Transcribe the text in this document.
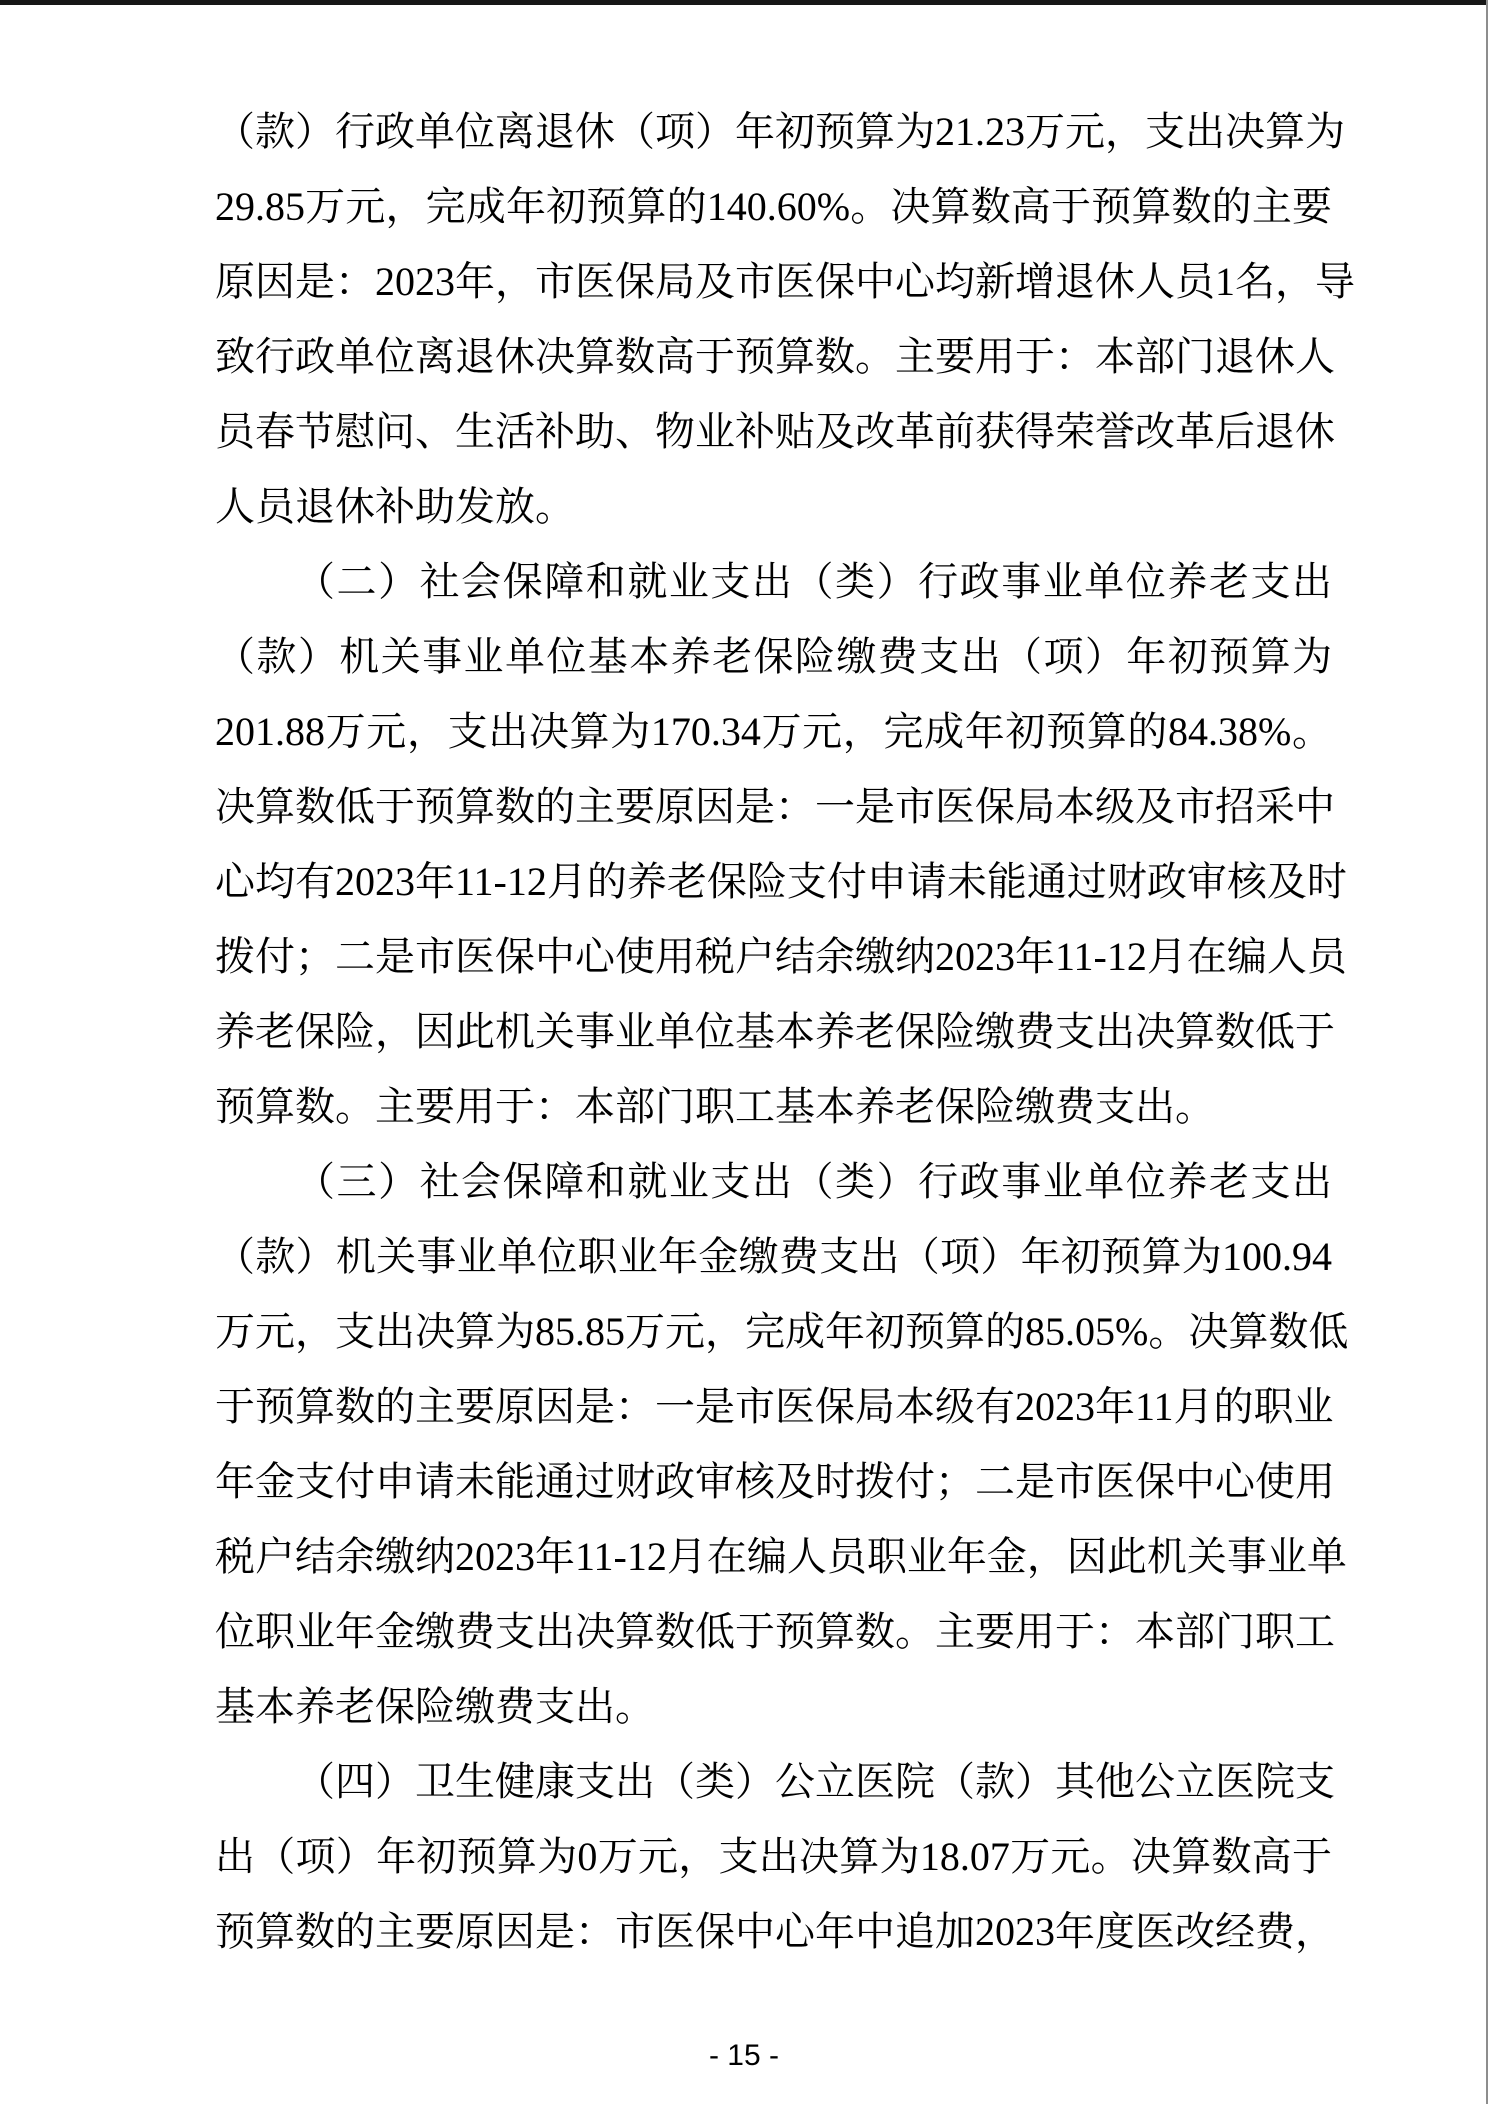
（款）行政单位离退休（项）年初预算为21.23万元，支出决算为
29.85万元，完成年初预算的140.60%。决算数高于预算数的主要
原因是：2023年，市医保局及市医保中心均新增退休人员1名，导
致行政单位离退休决算数高于预算数。主要用于：本部门退休人
员春节慰问、生活补助、物业补贴及改革前获得荣誉改革后退休
人员退休补助发放。
（二）社会保障和就业支出（类）行政事业单位养老支出
（款）机关事业单位基本养老保险缴费支出（项）年初预算为
201.88万元，支出决算为170.34万元，完成年初预算的84.38%。
决算数低于预算数的主要原因是：一是市医保局本级及市招采中
心均有2023年11-12月的养老保险支付申请未能通过财政审核及时
拨付；二是市医保中心使用税户结余缴纳2023年11-12月在编人员
养老保险，因此机关事业单位基本养老保险缴费支出决算数低于
预算数。主要用于：本部门职工基本养老保险缴费支出。
（三）社会保障和就业支出（类）行政事业单位养老支出
（款）机关事业单位职业年金缴费支出（项）年初预算为100.94
万元，支出决算为85.85万元，完成年初预算的85.05%。决算数低
于预算数的主要原因是：一是市医保局本级有2023年11月的职业
年金支付申请未能通过财政审核及时拨付；二是市医保中心使用
税户结余缴纳2023年11-12月在编人员职业年金，因此机关事业单
位职业年金缴费支出决算数低于预算数。主要用于：本部门职工
基本养老保险缴费支出。
（四）卫生健康支出（类）公立医院（款）其他公立医院支
出（项）年初预算为0万元，支出决算为18.07万元。决算数高于
预算数的主要原因是：市医保中心年中追加2023年度医改经费，
- 15 -
